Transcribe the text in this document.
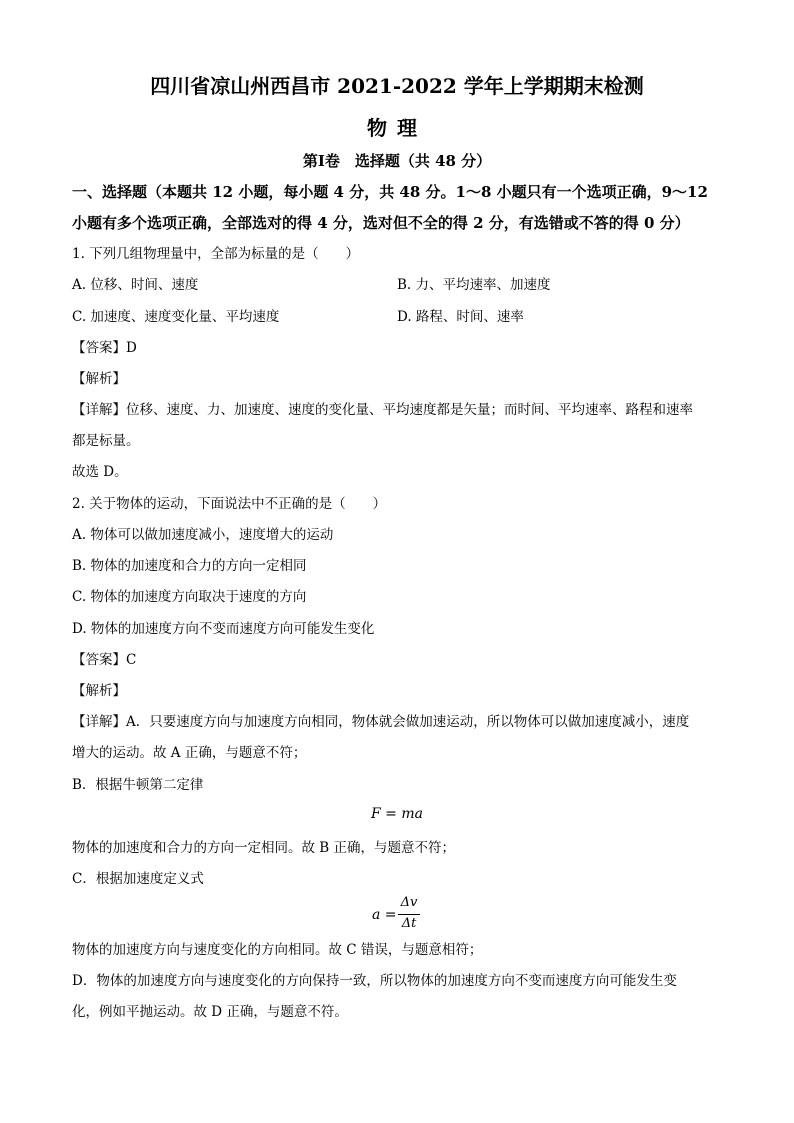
四川省凉山州西昌市 2021-2022 学年上学期期末检测
物理
第Ⅰ卷　选择题（共 48 分）
一、选择题（本题共 12 小题，每小题 4 分，共 48 分。1～8 小题只有一个选项正确，9～12
小题有多个选项正确，全部选对的得 4 分，选对但不全的得 2 分，有选错或不答的得 0 分）
1. 下列几组物理量中，全部为标量的是（　　）
A. 位移、时间、速度	B. 力、平均速率、加速度
C. 加速度、速度变化量、平均速度	D. 路程、时间、速率
【答案】D
【解析】
【详解】位移、速度、力、加速度、速度的变化量、平均速度都是矢量；而时间、平均速率、路程和速率
都是标量。
故选 D。
2. 关于物体的运动，下面说法中不正确的是（　　）
A. 物体可以做加速度减小，速度增大的运动
B. 物体的加速度和合力的方向一定相同
C. 物体的加速度方向取决于速度的方向
D. 物体的加速度方向不变而速度方向可能发生变化
【答案】C
【解析】
【详解】A．只要速度方向与加速度方向相同，物体就会做加速运动，所以物体可以做加速度减小，速度
增大的运动。故 A 正确，与题意不符；
B．根据牛顿第二定律
F = ma
物体的加速度和合力的方向一定相同。故 B 正确，与题意不符；
C．根据加速度定义式
a =
Δv
Δt
物体的加速度方向与速度变化的方向相同。故 C 错误，与题意相符；
D．物体的加速度方向与速度变化的方向保持一致，所以物体的加速度方向不变而速度方向可能发生变
化，例如平抛运动。故 D 正确，与题意不符。
